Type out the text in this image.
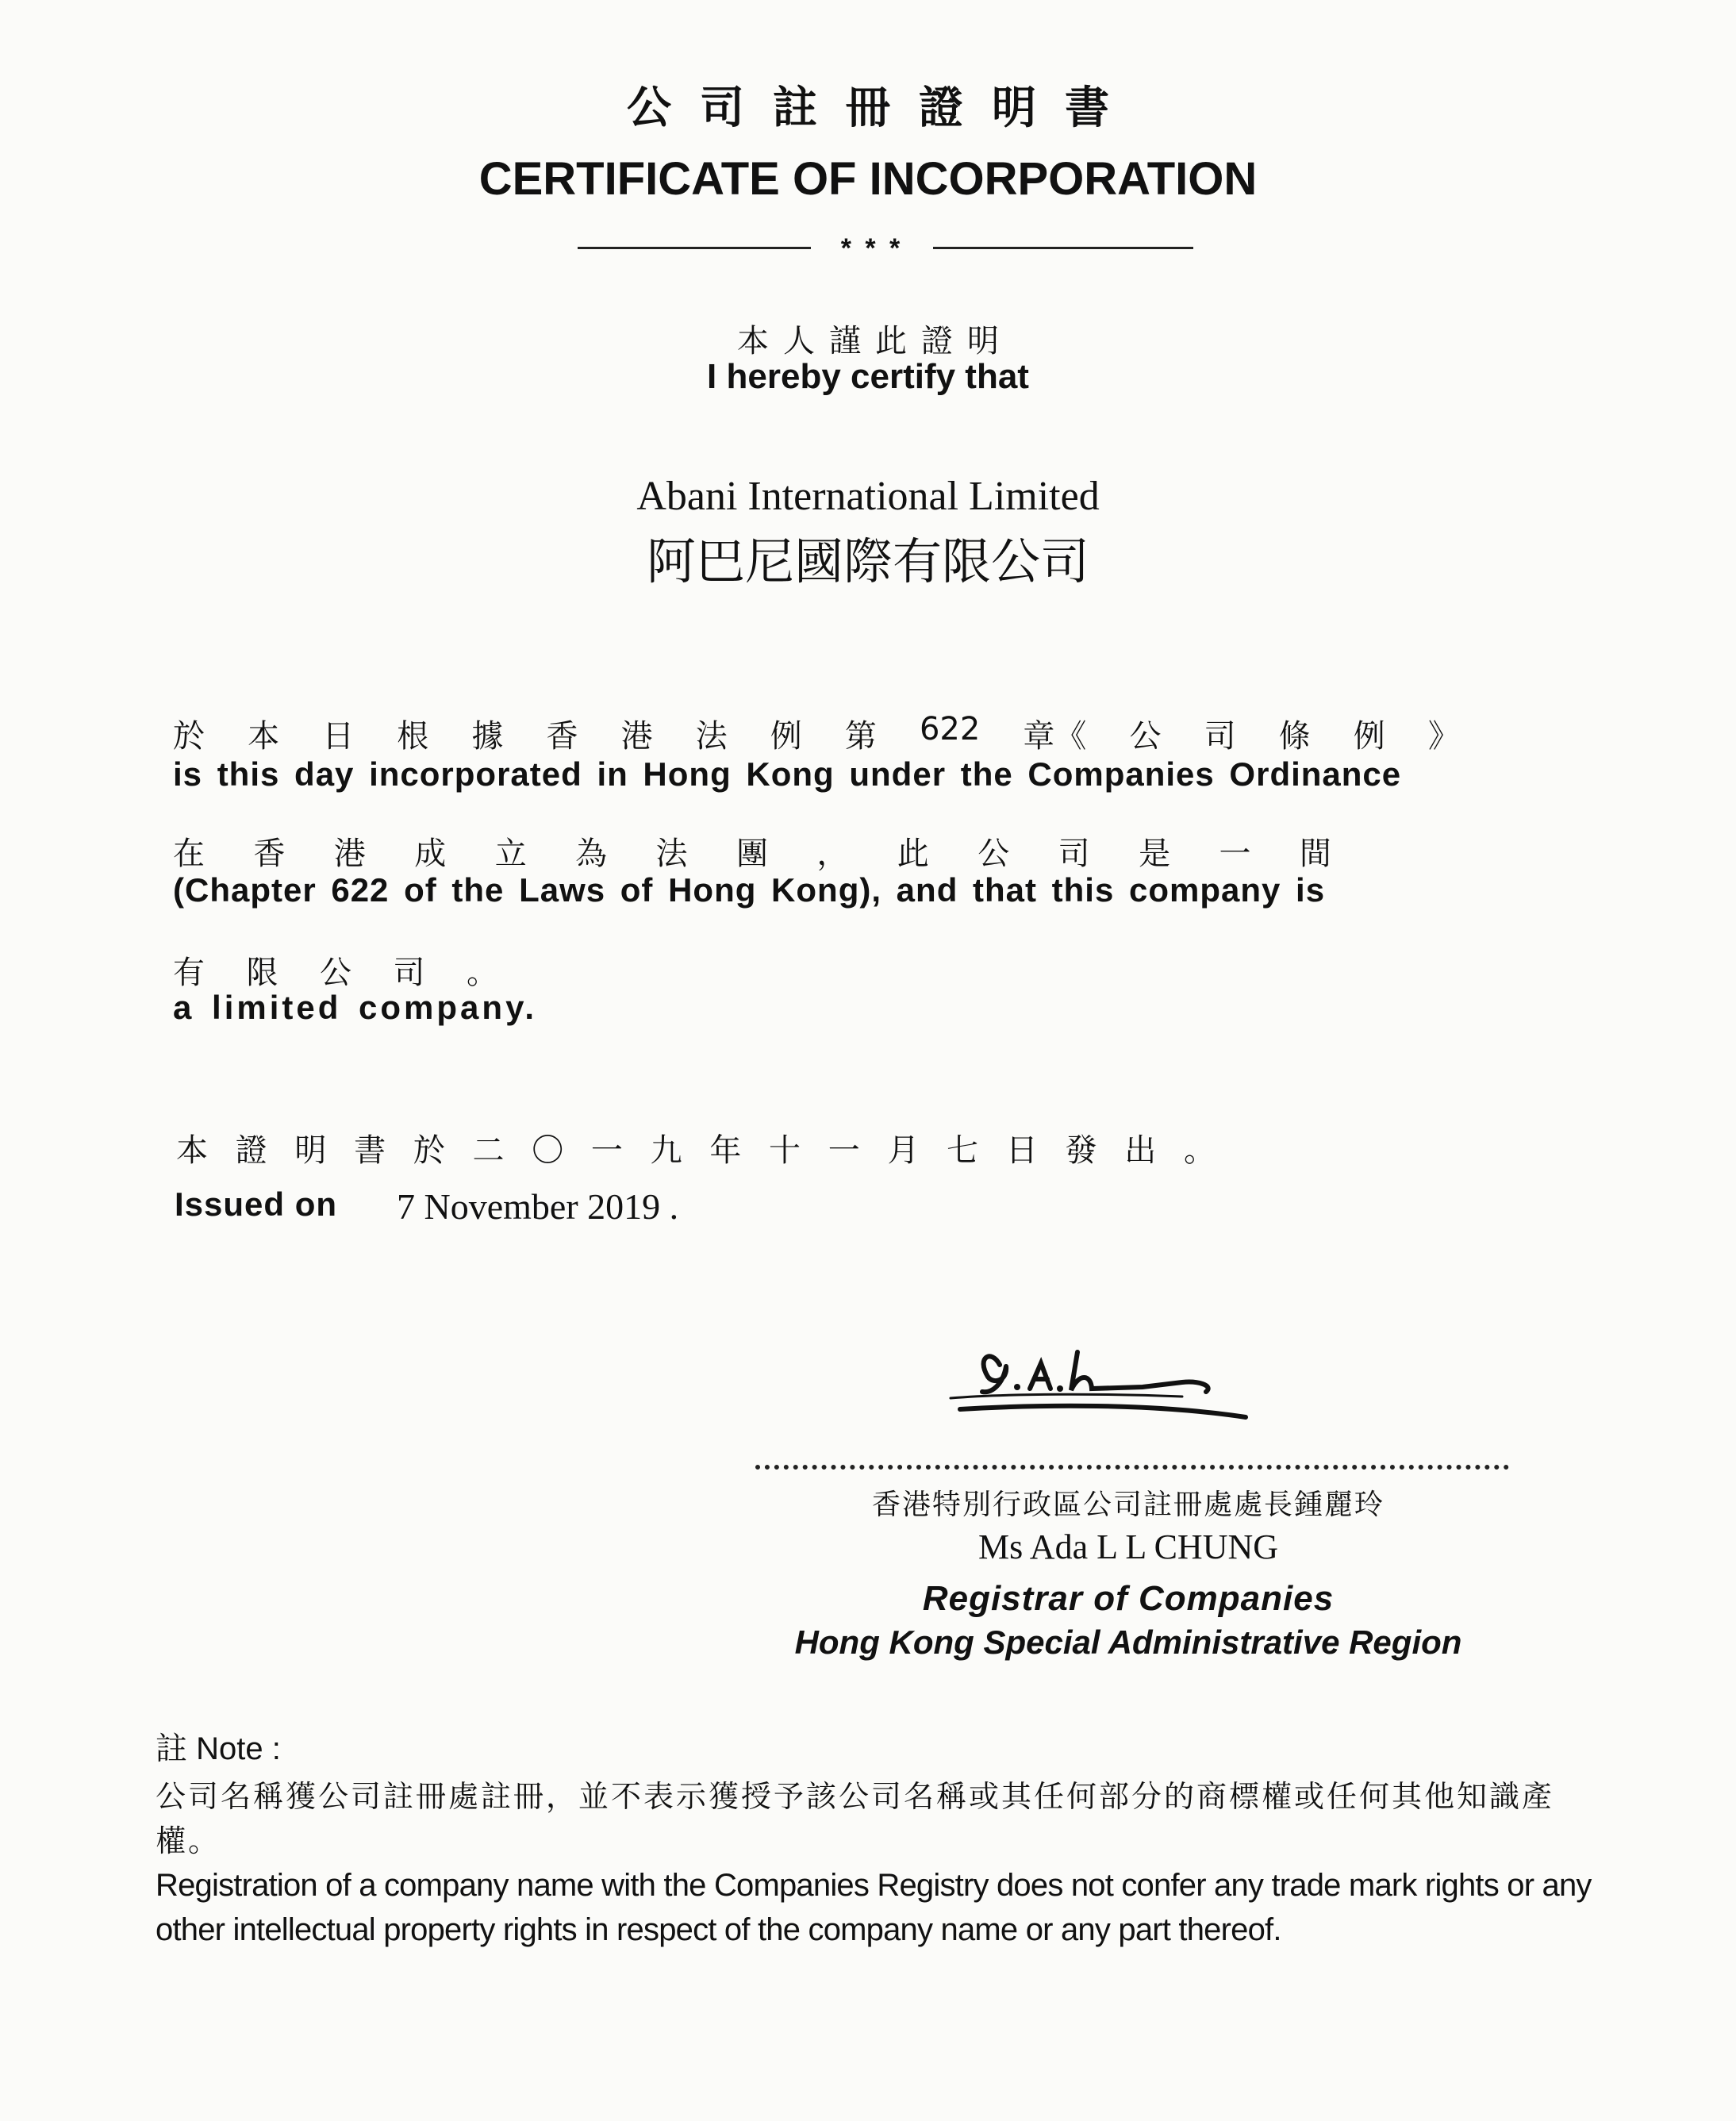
公司註冊證明書
CERTIFICATE OF INCORPORATION
* * *
本人謹此證明
I hereby certify that
Abani International Limited
阿巴尼國際有限公司
於 本 日 根 據 香 港 法 例 第 622 章《 公 司 條 例 》
is this day incorporated in Hong Kong under the Companies Ordinance
在 香 港 成 立 為 法 團 ， 此 公 司 是 一 間
(Chapter 622 of the Laws of Hong Kong), and that this company is
有 限 公 司 。
a limited company.
本 證 明 書 於 二 〇 一 九 年 十 一 月 七 日 發 出 。
Issued on 7 November 2019 .
香港特別行政區公司註冊處處長鍾麗玲
Ms Ada L L CHUNG
Registrar of Companies
Hong Kong Special Administrative Region
註 Note :
公司名稱獲公司註冊處註冊，並不表示獲授予該公司名稱或其任何部分的商標權或任何其他知識產權。
Registration of a company name with the Companies Registry does not confer any trade mark rights or any other intellectual property rights in respect of the company name or any part thereof.
